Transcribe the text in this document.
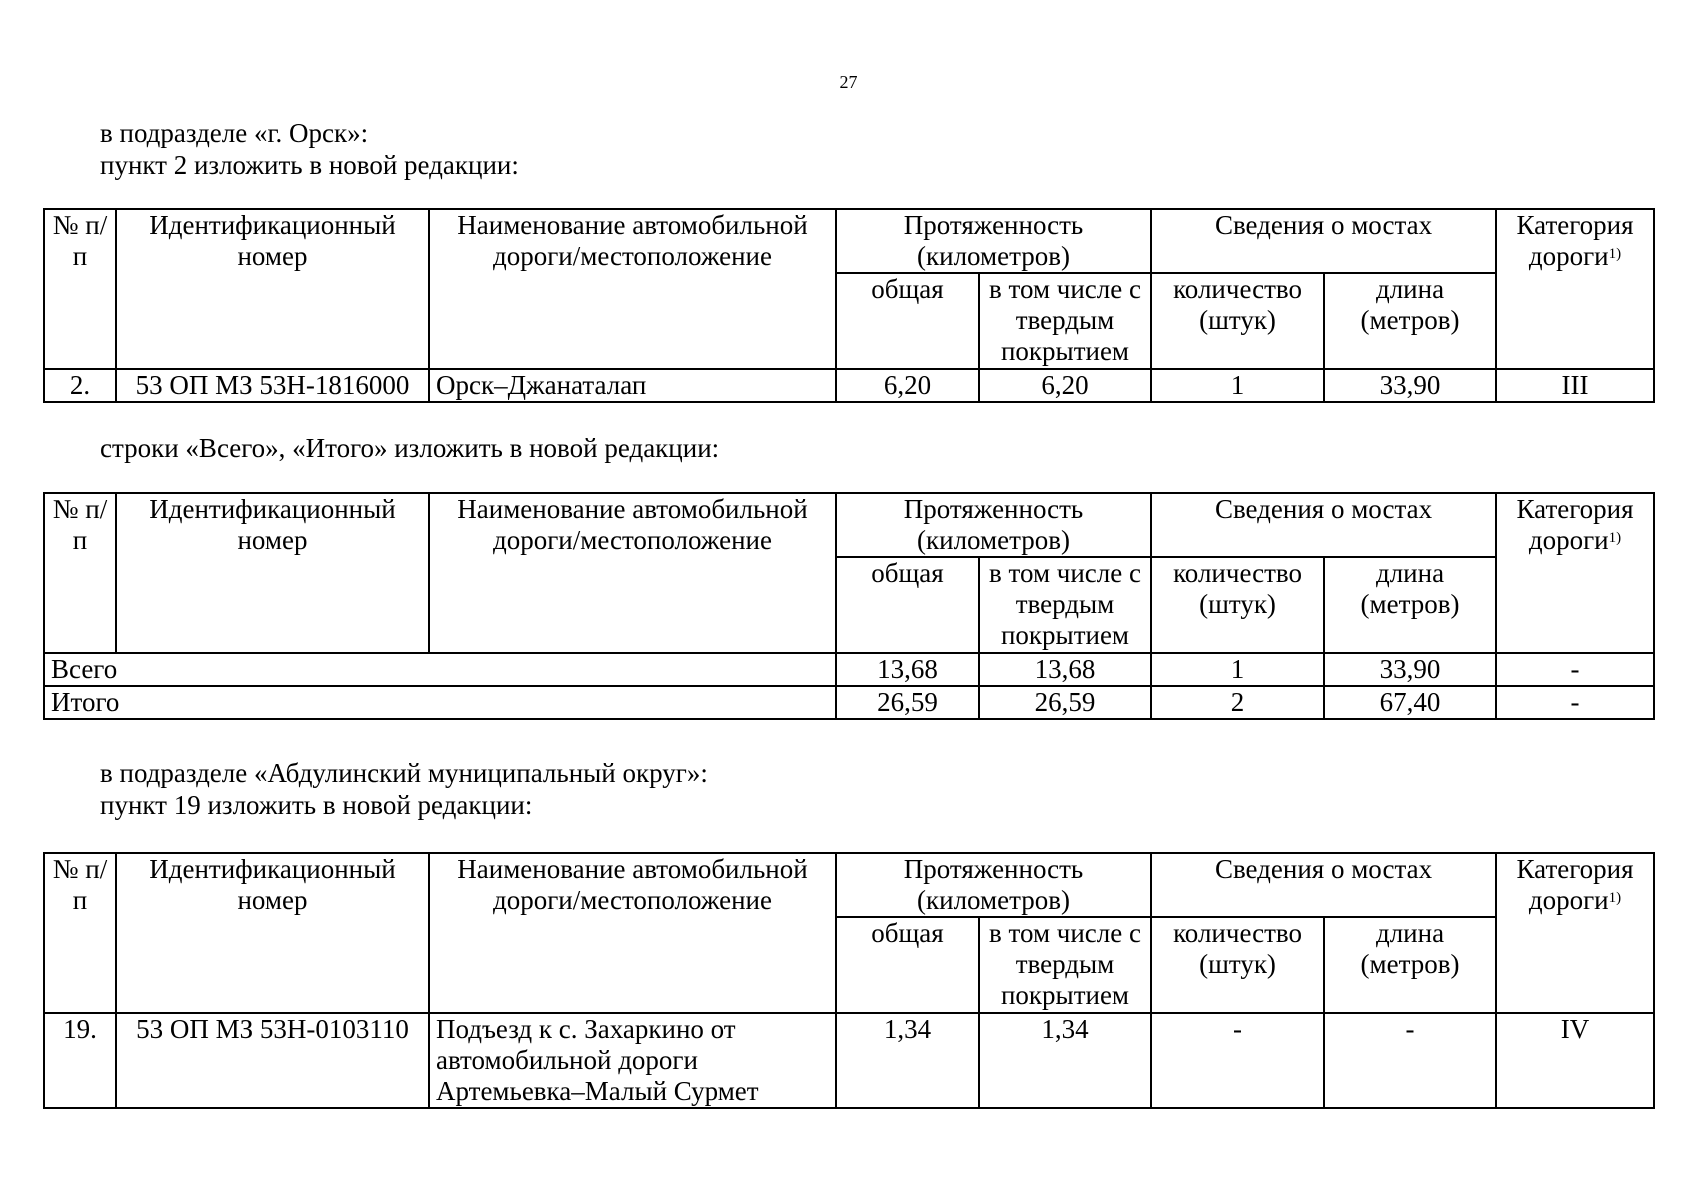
27
в подразделе «г. Орск»:
пункт 2 изложить в новой редакции:
№ п/п	Идентификационный номер	Наименование автомобильной дороги/местоположение	Протяженность (километров)		Сведения о мостах		Категория дороги$^{1)}$
			общая	в том числе с твердым покрытием	количество (штук)	длина (метров)	
2.	53 ОП МЗ 53Н-1816000	Орск–Джанаталап	6,20	6,20	1	33,90	III
строки «Всего», «Итого» изложить в новой редакции:
№ п/п	Идентификационный номер	Наименование автомобильной дороги/местоположение	Протяженность (километров)		Сведения о мостах		Категория дороги$^{1)}$
			общая	в том числе с твердым покрытием	количество (штук)	длина (метров)	
Всего			13,68	13,68	1	33,90	-
Итого			26,59	26,59	2	67,40	-
в подразделе «Абдулинский муниципальный округ»:
пункт 19 изложить в новой редакции:
№ п/п	Идентификационный номер	Наименование автомобильной дороги/местоположение	Протяженность (километров)		Сведения о мостах		Категория дороги$^{1)}$
			общая	в том числе с твердым покрытием	количество (штук)	длина (метров)	
19.	53 ОП МЗ 53Н-0103110	Подъезд к с. Захаркино от автомобильной дороги Артемьевка–Малый Сурмет	1,34	1,34	-	-	IV
